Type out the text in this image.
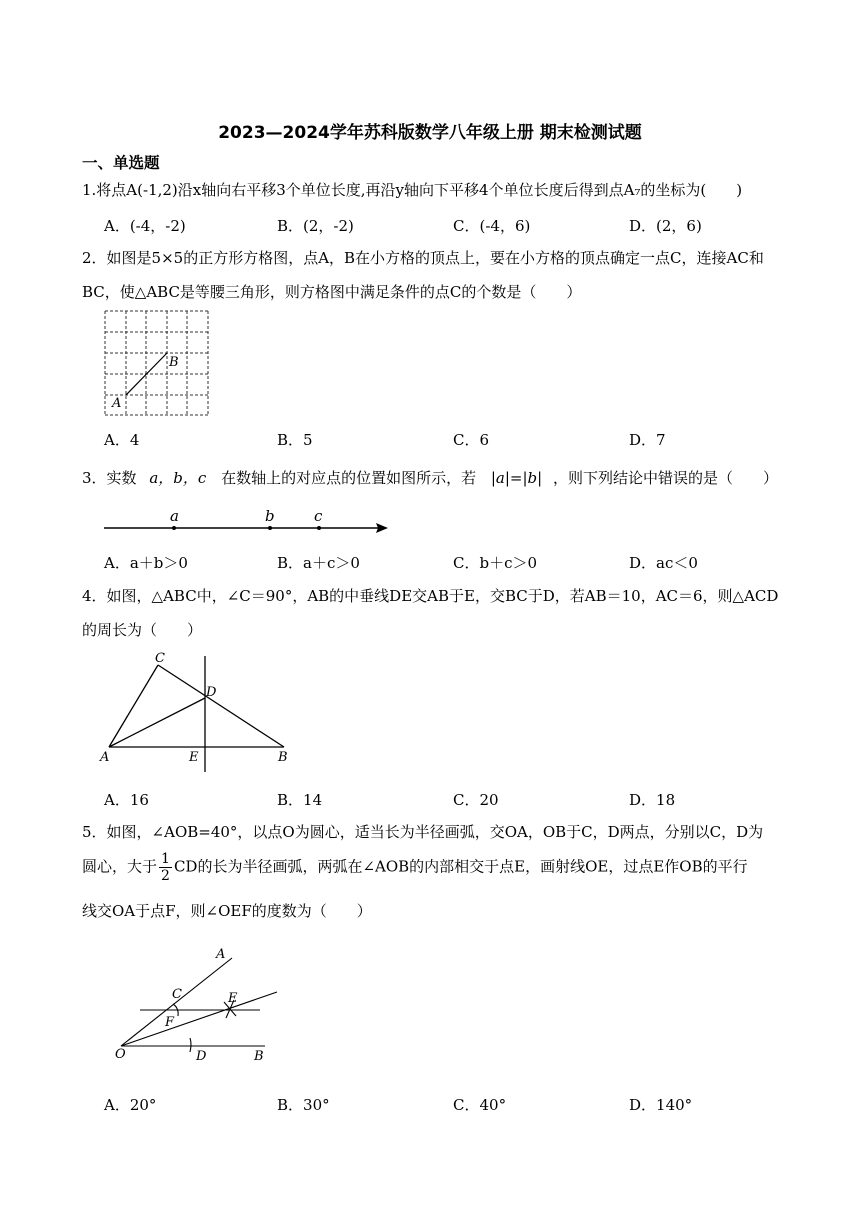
2023—2024学年苏科版数学八年级上册 期末检测试题
一、单选题
1.将点A(-1,2)沿x轴向右平移3个单位长度,再沿y轴向下平移4个单位长度后得到点A₇的坐标为(　　)
A．(-4，-2)	B．(2，-2)	C．(-4，6)	D．(2，6)
2．如图是5×5的正方形方格图，点A，B在小方格的顶点上，要在小方格的顶点确定一点C，连接AC和
BC，使△ABC是等腰三角形，则方格图中满足条件的点C的个数是（　　）
A
B
A．4	B．5	C．6	D．7
3．实数 a，b，c 在数轴上的对应点的位置如图所示，若 |a|=|b| ，则下列结论中错误的是（　　）
a	b	c
A．a＋b＞0	B．a＋c＞0	C．b＋c＞0	D．ac＜0
4．如图，△ABC中，∠C＝90°，AB的中垂线DE交AB于E，交BC于D，若AB＝10，AC＝6，则△ACD
的周长为（　　）
C
D
A	E	B
A．16	B．14	C．20	D．18
5．如图，∠AOB=40°，以点O为圆心，适当长为半径画弧，交OA，OB于C，D两点，分别以C，D为
圆心，大于 $\frac{1}{2}$ CD的长为半径画弧，两弧在∠AOB的内部相交于点E，画射线OE，过点E作OB的平行
线交OA于点F，则∠OEF的度数为（　　）
A
C	E
F
O	D	B
A．20°	B．30°	C．40°	D．140°
